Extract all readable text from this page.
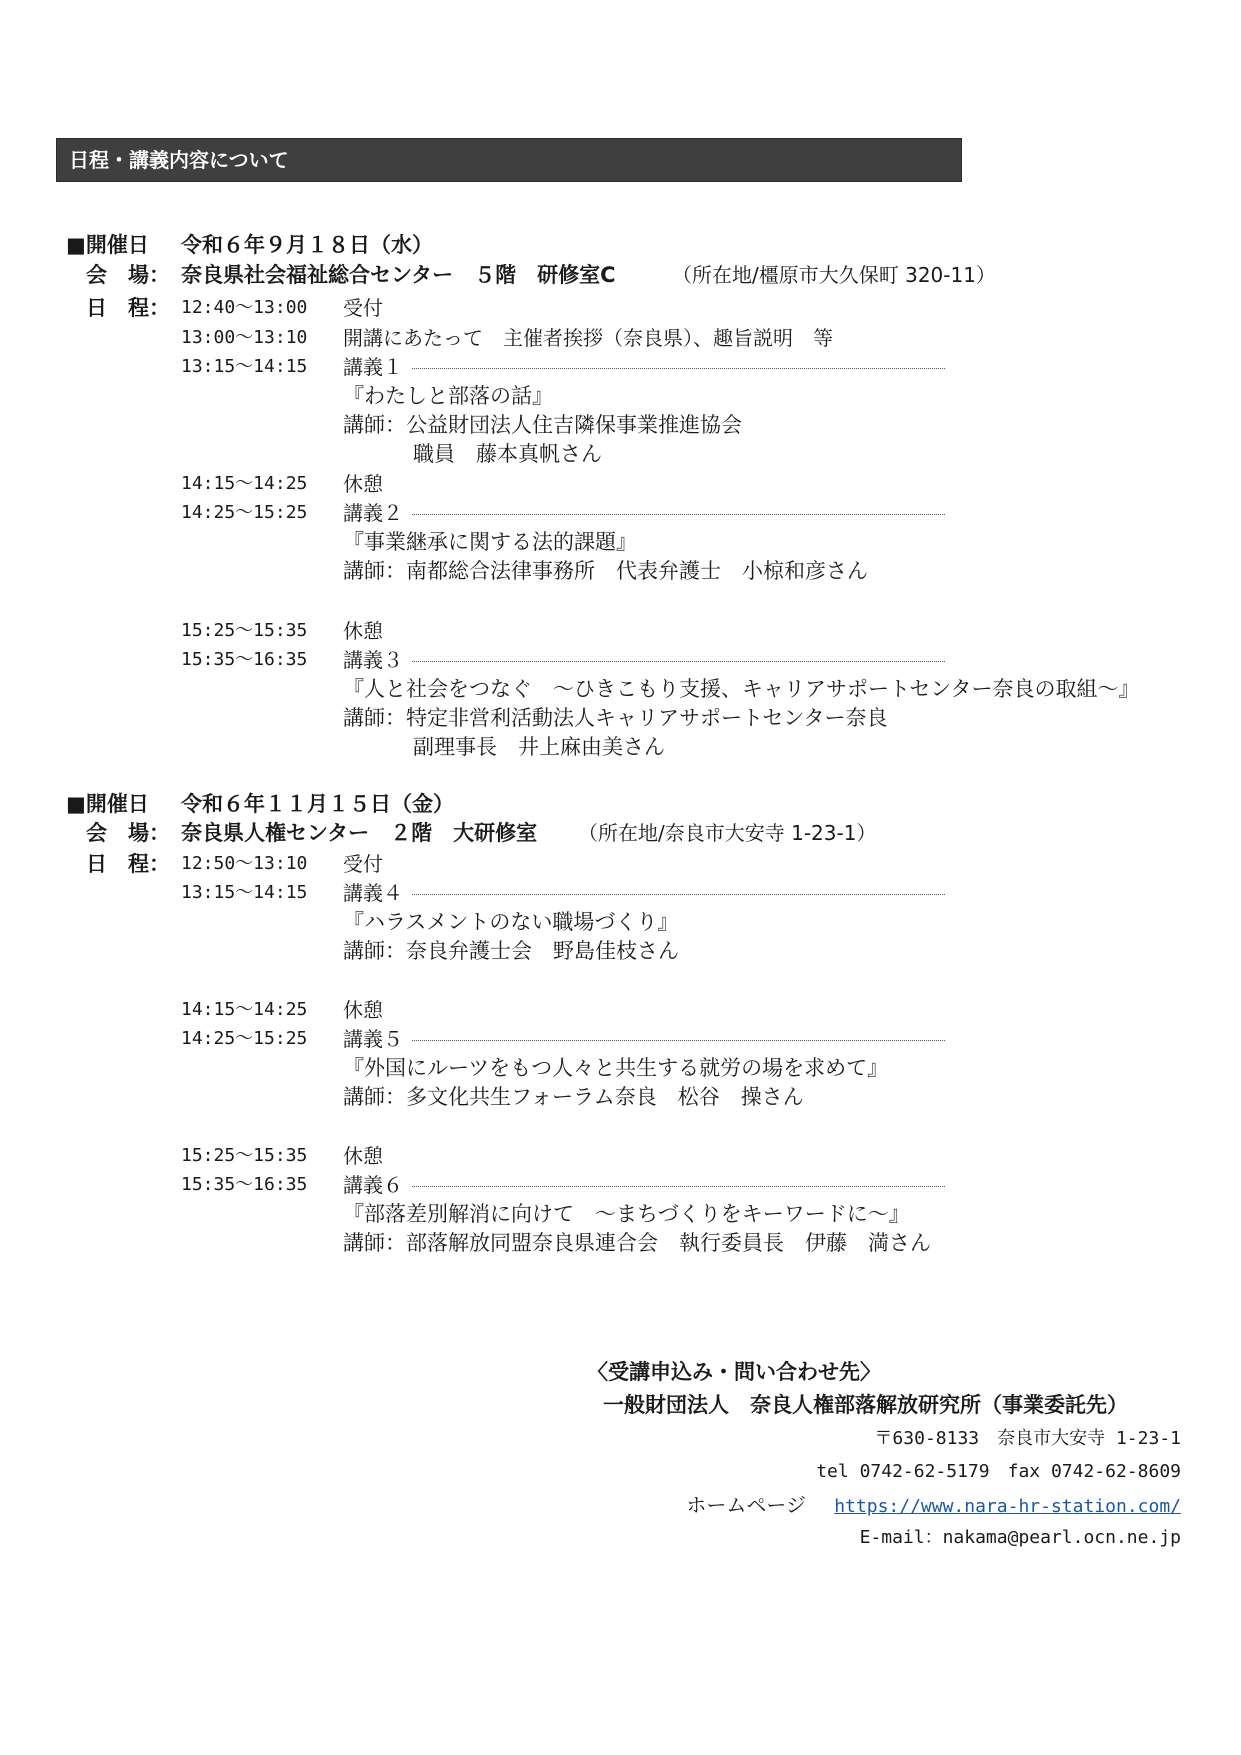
日程・講義内容について
■開催日 令和６年９月１８日（水）
会　場： 奈良県社会福祉総合センター　５階　研修室C	（所在地/橿原市大久保町 320-11）
日　程： 12:40～13:00 受付
13:00～13:10 開講にあたって　主催者挨拶（奈良県）、趣旨説明　等
13:15～14:15 講義１
『わたしと部落の話』
講師：公益財団法人住吉隣保事業推進協会
職員　藤本真帆さん
14:15～14:25 休憩
14:25～15:25 講義２
『事業継承に関する法的課題』
講師：南都総合法律事務所　代表弁護士　小椋和彦さん
15:25～15:35 休憩
15:35～16:35 講義３
『人と社会をつなぐ　～ひきこもり支援、キャリアサポートセンター奈良の取組～』
講師：特定非営利活動法人キャリアサポートセンター奈良
副理事長　井上麻由美さん
■開催日 令和６年１１月１５日（金）
会　場： 奈良県人権センター　２階　大研修室 （所在地/奈良市大安寺 1-23-1）
日　程： 12:50～13:10 受付
13:15～14:15 講義４
『ハラスメントのない職場づくり』
講師：奈良弁護士会　野島佳枝さん
14:15～14:25 休憩
14:25～15:25 講義５
『外国にルーツをもつ人々と共生する就労の場を求めて』
講師：多文化共生フォーラム奈良　松谷　操さん
15:25～15:35 休憩
15:35～16:35 講義６
『部落差別解消に向けて　～まちづくりをキーワードに～』
講師：部落解放同盟奈良県連合会　執行委員長　伊藤　満さん
〈受講申込み・問い合わせ先〉
一般財団法人　奈良人権部落解放研究所（事業委託先）
〒630-8133　奈良市大安寺 1-23-1
tel 0742-62-5179　fax 0742-62-8609
ホームページ https://www.nara-hr-station.com/
E-mail：nakama@pearl.ocn.ne.jp
